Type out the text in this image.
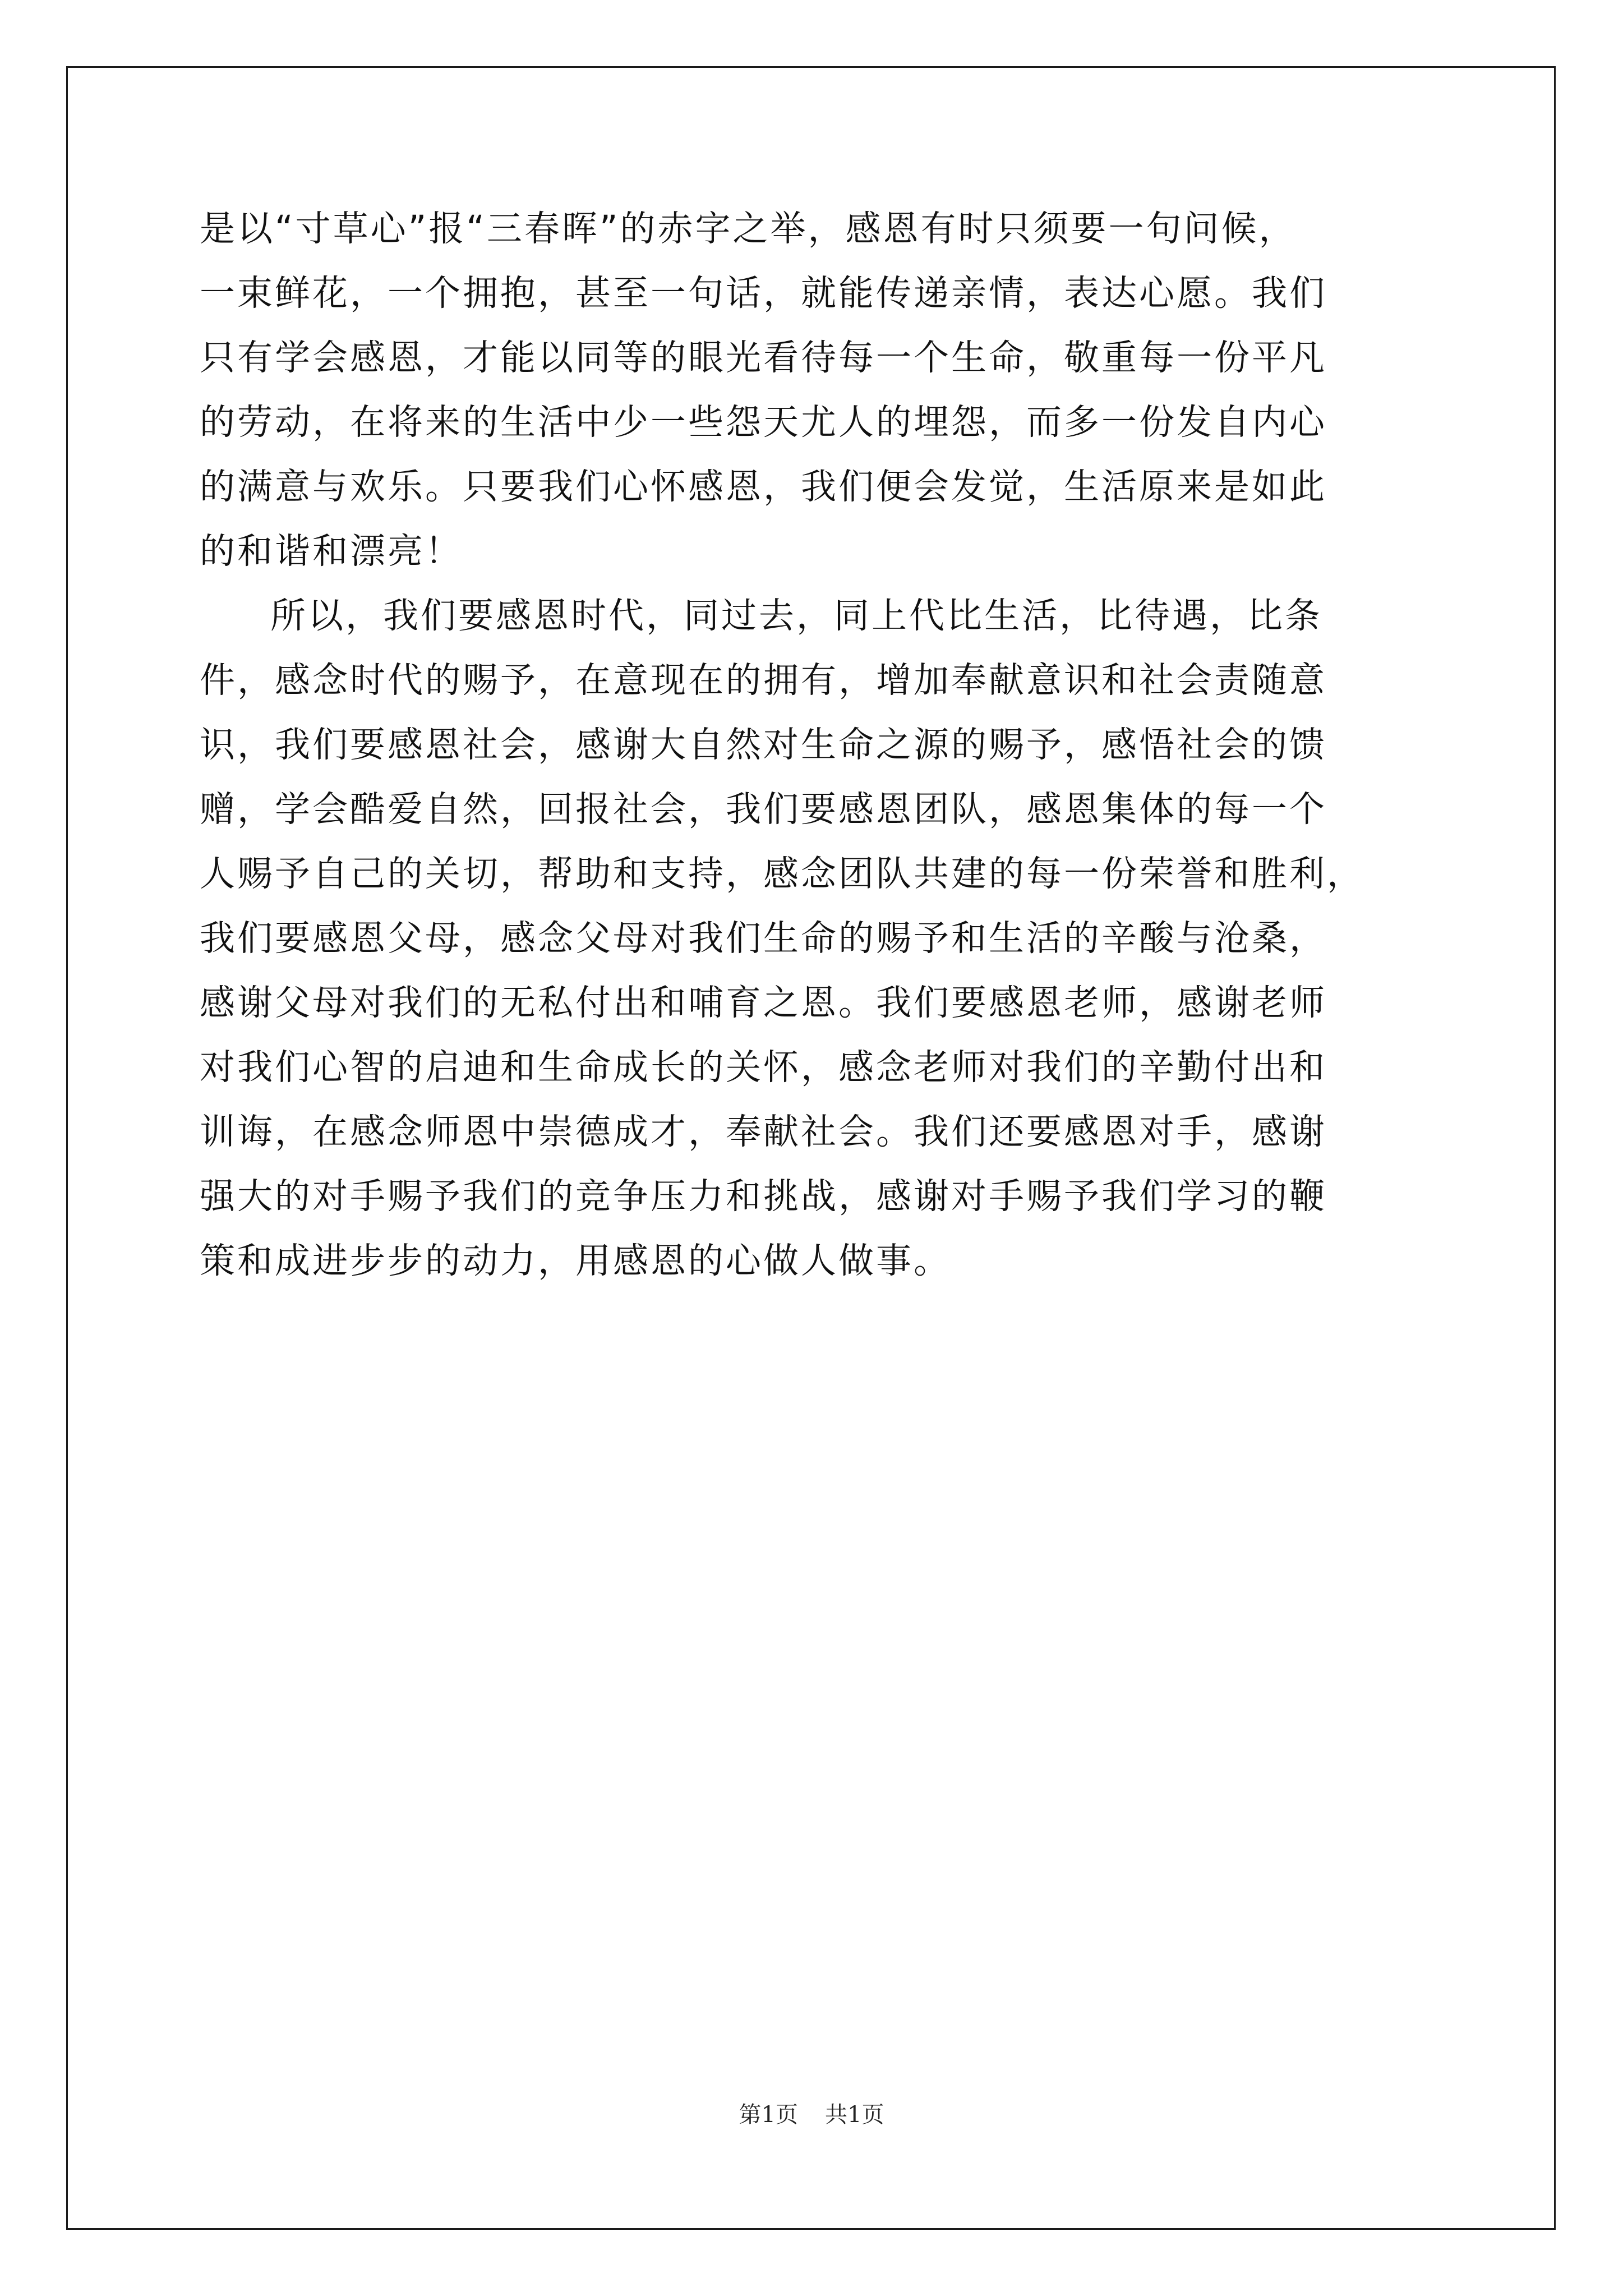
是以“寸草心”报“三春晖”的赤字之举，感恩有时只须要一句问候，
一束鲜花，一个拥抱，甚至一句话，就能传递亲情，表达心愿。我们
只有学会感恩，才能以同等的眼光看待每一个生命，敬重每一份平凡
的劳动，在将来的生活中少一些怨天尤人的埋怨，而多一份发自内心
的满意与欢乐。只要我们心怀感恩，我们便会发觉，生活原来是如此
的和谐和漂亮！
所以，我们要感恩时代，同过去，同上代比生活，比待遇，比条
件，感念时代的赐予，在意现在的拥有，增加奉献意识和社会责随意
识，我们要感恩社会，感谢大自然对生命之源的赐予，感悟社会的馈
赠，学会酷爱自然，回报社会，我们要感恩团队，感恩集体的每一个
人赐予自己的关切，帮助和支持，感念团队共建的每一份荣誉和胜利，
我们要感恩父母，感念父母对我们生命的赐予和生活的辛酸与沧桑，
感谢父母对我们的无私付出和哺育之恩。我们要感恩老师，感谢老师
对我们心智的启迪和生命成长的关怀，感念老师对我们的辛勤付出和
训诲，在感念师恩中崇德成才，奉献社会。我们还要感恩对手，感谢
强大的对手赐予我们的竞争压力和挑战，感谢对手赐予我们学习的鞭
策和成进步步的动力，用感恩的心做人做事。
第1页 共1页
